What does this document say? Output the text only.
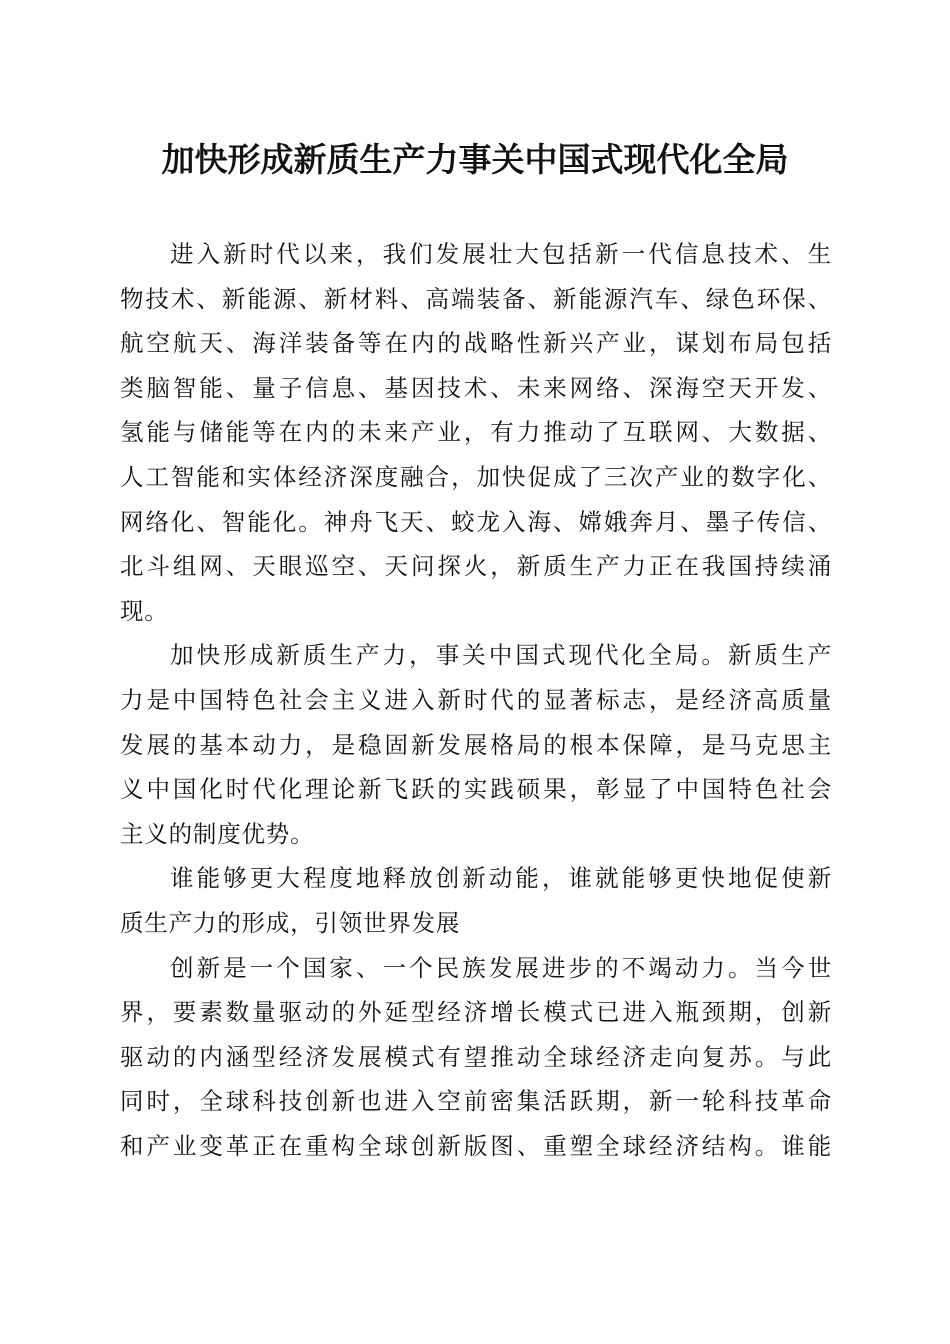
加快形成新质生产力事关中国式现代化全局
进入新时代以来，我们发展壮大包括新一代信息技术、生
物技术、新能源、新材料、高端装备、新能源汽车、绿色环保、
航空航天、海洋装备等在内的战略性新兴产业，谋划布局包括
类脑智能、量子信息、基因技术、未来网络、深海空天开发、
氢能与储能等在内的未来产业，有力推动了互联网、大数据、
人工智能和实体经济深度融合，加快促成了三次产业的数字化、
网络化、智能化。神舟飞天、蛟龙入海、嫦娥奔月、墨子传信、
北斗组网、天眼巡空、天问探火，新质生产力正在我国持续涌
现。
加快形成新质生产力，事关中国式现代化全局。新质生产
力是中国特色社会主义进入新时代的显著标志，是经济高质量
发展的基本动力，是稳固新发展格局的根本保障，是马克思主
义中国化时代化理论新飞跃的实践硕果，彰显了中国特色社会
主义的制度优势。
谁能够更大程度地释放创新动能，谁就能够更快地促使新
质生产力的形成，引领世界发展
创新是一个国家、一个民族发展进步的不竭动力。当今世
界，要素数量驱动的外延型经济增长模式已进入瓶颈期，创新
驱动的内涵型经济发展模式有望推动全球经济走向复苏。与此
同时，全球科技创新也进入空前密集活跃期，新一轮科技革命
和产业变革正在重构全球创新版图、重塑全球经济结构。谁能
